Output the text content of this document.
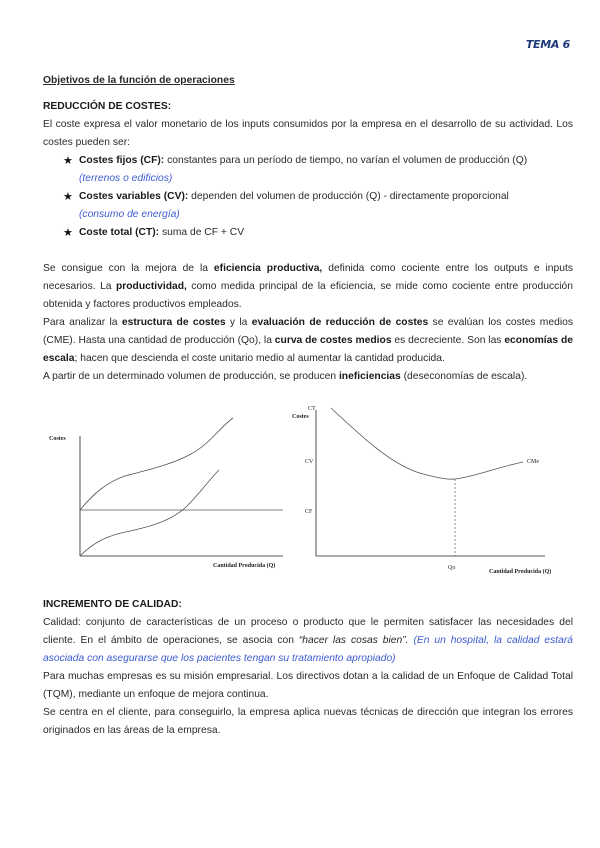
TEMA 6
Objetivos de la función de operaciones
REDUCCIÓN DE COSTES:
El coste expresa el valor monetario de los inputs consumidos por la empresa en el desarrollo de su actividad. Los costes pueden ser:
★ Costes fijos (CF): constantes para un período de tiempo, no varían el volumen de producción (Q)
(terrenos o edificios)
★ Costes variables (CV): dependen del volumen de producción (Q) - directamente proporcional
(consumo de energía)
★ Coste total (CT): suma de CF + CV
Se consigue con la mejora de la eficiencia productiva, definida como cociente entre los outputs e inputs necesarios. La productividad, como medida principal de la eficiencia, se mide como cociente entre producción obtenida y factores productivos empleados.
Para analizar la estructura de costes y la evaluación de reducción de costes se evalúan los costes medios (CME). Hasta una cantidad de producción (Qo), la curva de costes medios es decreciente. Son las economías de escala; hacen que descienda el coste unitario medio al aumentar la cantidad producida.
A partir de un determinado volumen de producción, se producen ineficiencias (deseconomías de escala).
Costes
Cantidad Producida (Q)
CT
Costes
CV
CF
CMe
Qo
Cantidad Producida (Q)
INCREMENTO DE CALIDAD:
Calidad: conjunto de características de un proceso o producto que le permiten satisfacer las necesidades del cliente. En el ámbito de operaciones, se asocia con “hacer las cosas bien”. (En un hospital, la calidad estará asociada con asegurarse que los pacientes tengan su tratamiento apropiado)
Para muchas empresas es su misión empresarial. Los directivos dotan a la calidad de un Enfoque de Calidad Total (TQM), mediante un enfoque de mejora continua.
Se centra en el cliente, para conseguirlo, la empresa aplica nuevas técnicas de dirección que integran los errores originados en las áreas de la empresa.
